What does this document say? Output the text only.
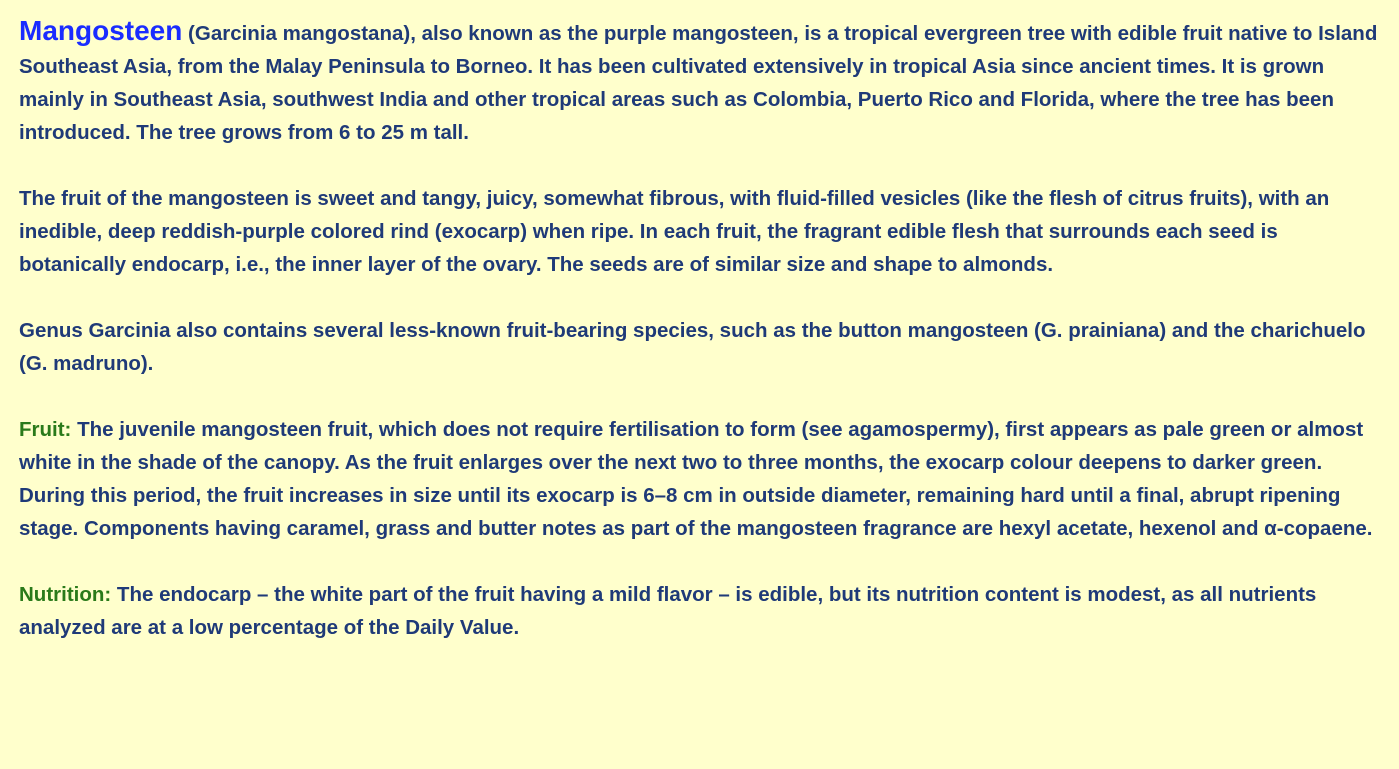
Mangosteen (Garcinia mangostana), also known as the purple mangosteen, is a tropical evergreen tree with edible fruit native to Island Southeast Asia, from the Malay Peninsula to Borneo. It has been cultivated extensively in tropical Asia since ancient times. It is grown mainly in Southeast Asia, southwest India and other tropical areas such as Colombia, Puerto Rico and Florida, where the tree has been introduced. The tree grows from 6 to 25 m tall.

The fruit of the mangosteen is sweet and tangy, juicy, somewhat fibrous, with fluid-filled vesicles (like the flesh of citrus fruits), with an inedible, deep reddish-purple colored rind (exocarp) when ripe. In each fruit, the fragrant edible flesh that surrounds each seed is botanically endocarp, i.e., the inner layer of the ovary. The seeds are of similar size and shape to almonds.

Genus Garcinia also contains several less-known fruit-bearing species, such as the button mangosteen (G. prainiana) and the charichuelo (G. madruno).

Fruit: The juvenile mangosteen fruit, which does not require fertilisation to form (see agamospermy), first appears as pale green or almost white in the shade of the canopy. As the fruit enlarges over the next two to three months, the exocarp colour deepens to darker green. During this period, the fruit increases in size until its exocarp is 6–8 cm in outside diameter, remaining hard until a final, abrupt ripening stage. Components having caramel, grass and butter notes as part of the mangosteen fragrance are hexyl acetate, hexenol and α-copaene.

Nutrition: The endocarp – the white part of the fruit having a mild flavor – is edible, but its nutrition content is modest, as all nutrients analyzed are at a low percentage of the Daily Value.
